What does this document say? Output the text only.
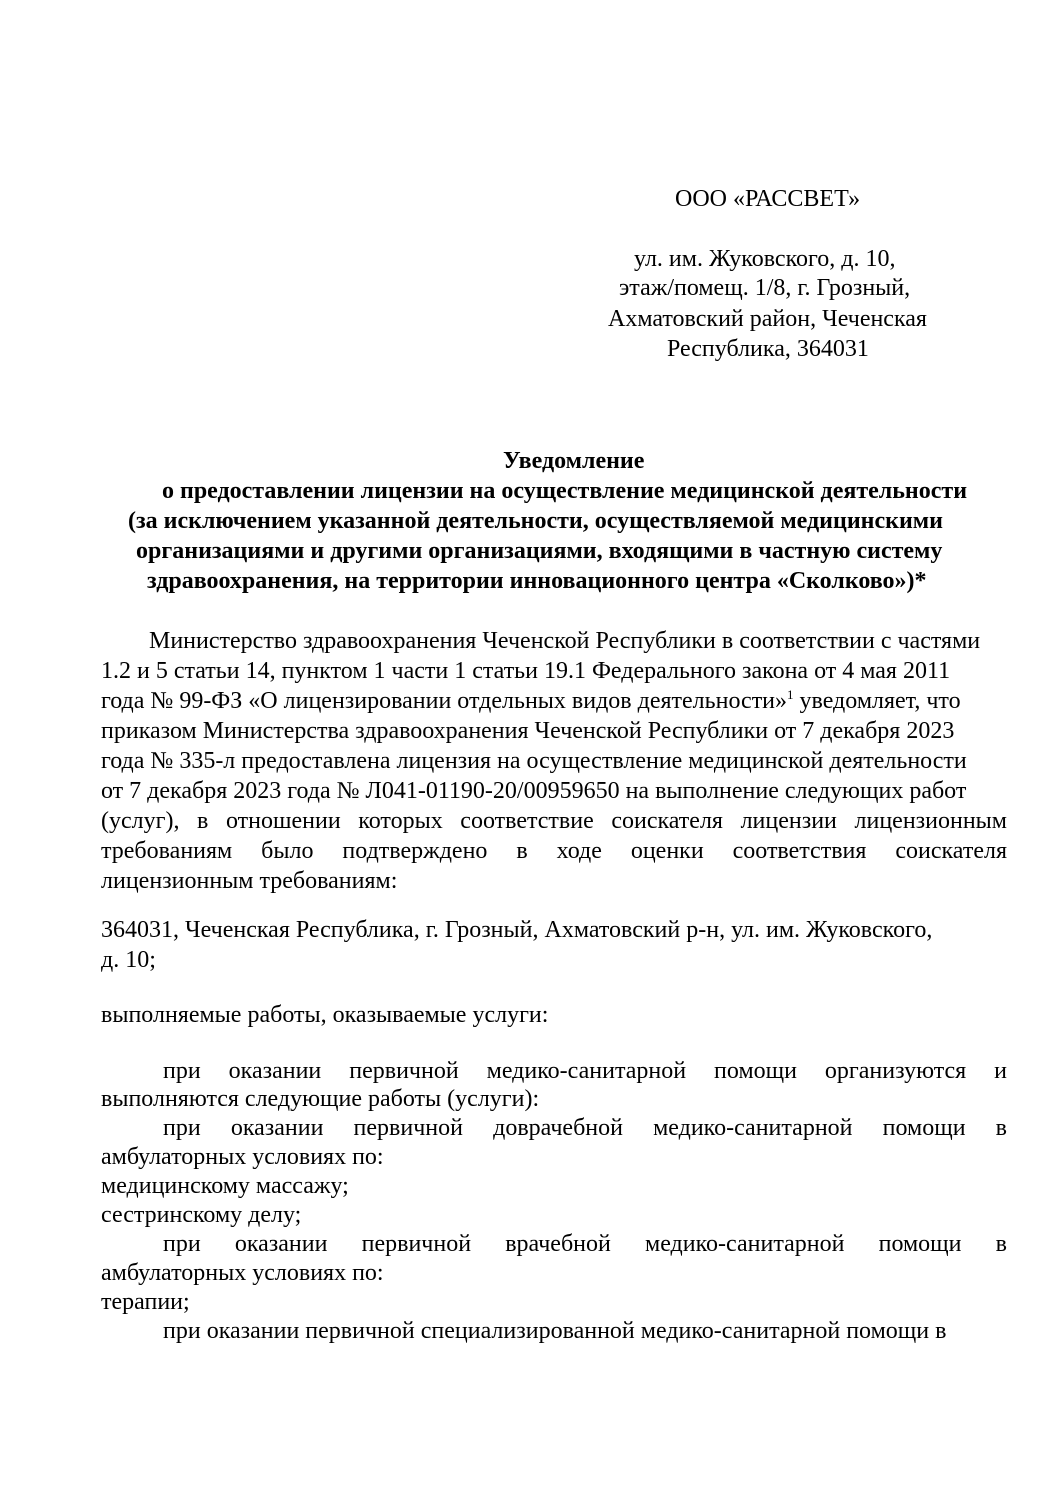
ООО «РАССВЕТ»
ул. им. Жуковского, д. 10,
этаж/помещ. 1/8, г. Грозный,
Ахматовский район, Чеченская
Республика, 364031
Уведомление
о предоставлении лицензии на осуществление медицинской деятельности
(за исключением указанной деятельности, осуществляемой медицинскими
организациями и другими организациями, входящими в частную систему
здравоохранения, на территории инновационного центра «Сколково»)*
Министерство здравоохранения Чеченской Республики в соответствии с частями
1.2 и 5 статьи 14, пунктом 1 части 1 статьи 19.1 Федерального закона от 4 мая 2011
года № 99-ФЗ «О лицензировании отдельных видов деятельности»$^1$ уведомляет, что
приказом Министерства здравоохранения Чеченской Республики от 7 декабря 2023
года № 335-л предоставлена лицензия на осуществление медицинской деятельности
от 7 декабря 2023 года № Л041-01190-20/00959650 на выполнение следующих работ
(услуг), в отношении которых соответствие соискателя лицензии лицензионным
требованиям было подтверждено в ходе оценки соответствия соискателя
лицензионным требованиям:
364031, Чеченская Республика, г. Грозный, Ахматовский р-н, ул. им. Жуковского,
д. 10;
выполняемые работы, оказываемые услуги:
при оказании первичной медико-санитарной помощи организуются и
выполняются следующие работы (услуги):
при оказании первичной доврачебной медико-санитарной помощи в
амбулаторных условиях по:
медицинскому массажу;
сестринскому делу;
при оказании первичной врачебной медико-санитарной помощи в
амбулаторных условиях по:
терапии;
при оказании первичной специализированной медико-санитарной помощи в
